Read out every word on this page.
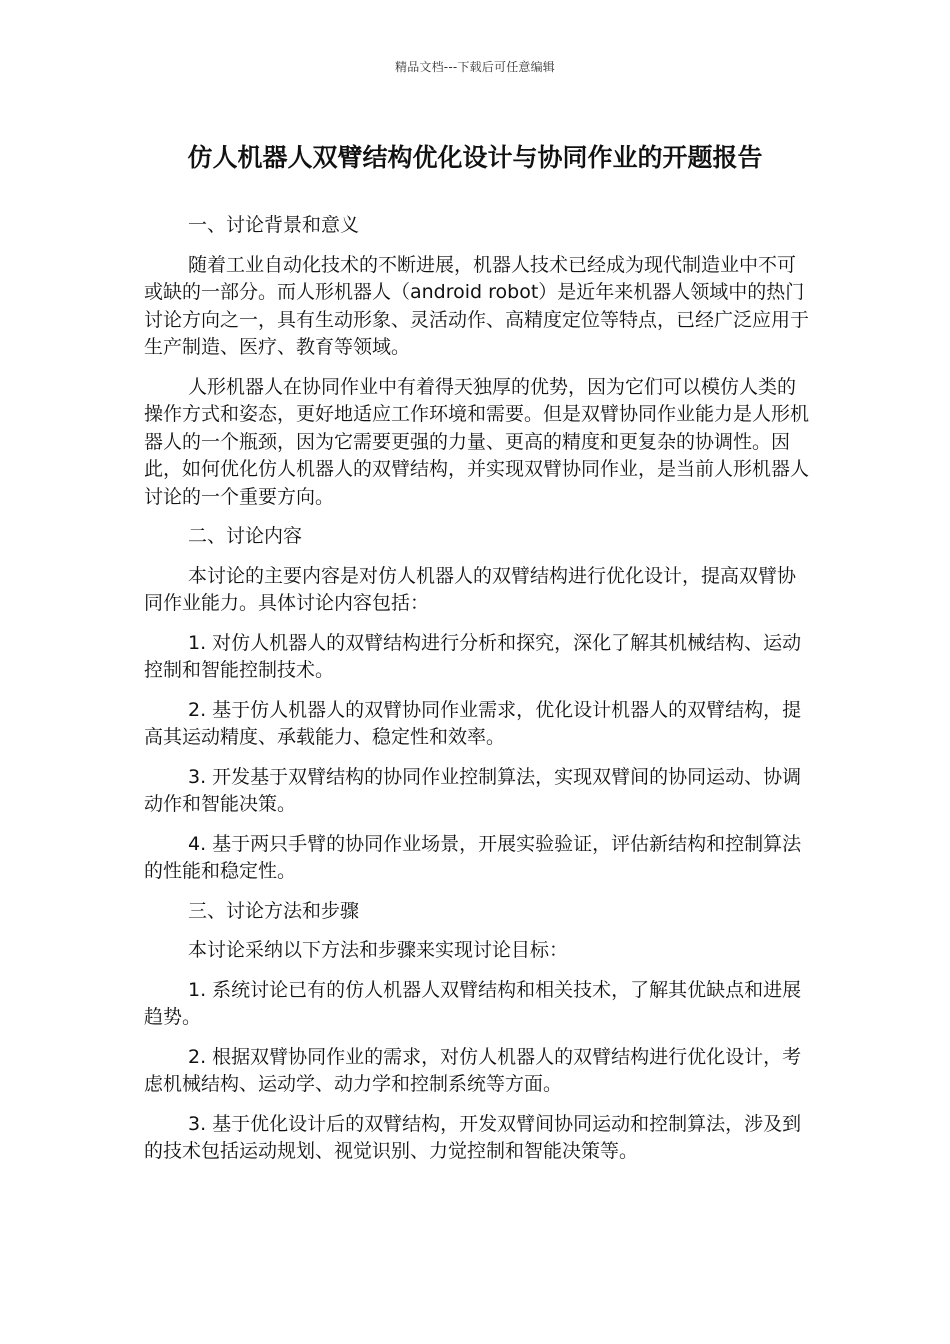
精品文档---下载后可任意编辑
仿人机器人双臂结构优化设计与协同作业的开题报告

一、讨论背景和意义

随着工业自动化技术的不断进展，机器人技术已经成为现代制造业中不可或缺的一部分。而人形机器人（android robot）是近年来机器人领域中的热门讨论方向之一，具有生动形象、灵活动作、高精度定位等特点，已经广泛应用于生产制造、医疗、教育等领域。

人形机器人在协同作业中有着得天独厚的优势，因为它们可以模仿人类的操作方式和姿态，更好地适应工作环境和需要。但是双臂协同作业能力是人形机器人的一个瓶颈，因为它需要更强的力量、更高的精度和更复杂的协调性。因此，如何优化仿人机器人的双臂结构，并实现双臂协同作业，是当前人形机器人讨论的一个重要方向。

二、讨论内容

本讨论的主要内容是对仿人机器人的双臂结构进行优化设计，提高双臂协同作业能力。具体讨论内容包括：

1. 对仿人机器人的双臂结构进行分析和探究，深化了解其机械结构、运动控制和智能控制技术。

2. 基于仿人机器人的双臂协同作业需求，优化设计机器人的双臂结构，提高其运动精度、承载能力、稳定性和效率。

3. 开发基于双臂结构的协同作业控制算法，实现双臂间的协同运动、协调动作和智能决策。

4. 基于两只手臂的协同作业场景，开展实验验证，评估新结构和控制算法的性能和稳定性。

三、讨论方法和步骤

本讨论采纳以下方法和步骤来实现讨论目标：

1. 系统讨论已有的仿人机器人双臂结构和相关技术，了解其优缺点和进展趋势。

2. 根据双臂协同作业的需求，对仿人机器人的双臂结构进行优化设计，考虑机械结构、运动学、动力学和控制系统等方面。

3. 基于优化设计后的双臂结构，开发双臂间协同运动和控制算法，涉及到的技术包括运动规划、视觉识别、力觉控制和智能决策等。
